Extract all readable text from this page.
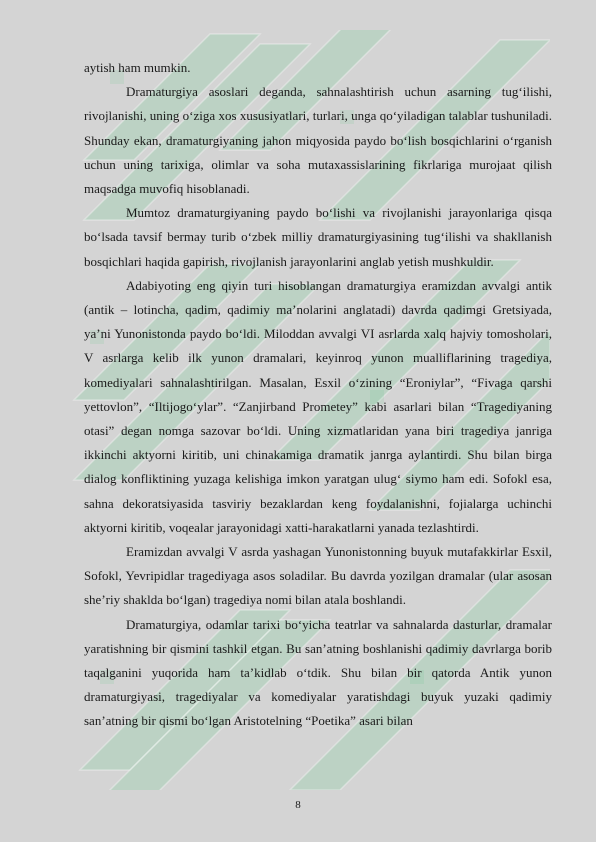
aytish ham mumkin.

Dramaturgiya asoslari deganda, sahnalashtirish uchun asarning tug‘ilishi, rivojlanishi, uning o‘ziga xos xususiyatlari, turlari, unga qo‘yiladigan talablar tushuniladi. Shunday ekan, dramaturgiyaning jahon miqyosida paydo bo‘lish bosqichlarini o‘rganish uchun uning tarixiga, olimlar va soha mutaxassislarining fikrlariga murojaat qilish maqsadga muvofiq hisoblanadi.

Mumtoz dramaturgiyaning paydo bo‘lishi va rivojlanishi jarayonlariga qisqa bo‘lsada tavsif bermay turib o‘zbek milliy dramaturgiyasining tug‘ilishi va shakllanish bosqichlari haqida gapirish, rivojlanish jarayonlarini anglab yetish mushkuldir.

Adabiyoting eng qiyin turi hisoblangan dramaturgiya eramizdan avvalgi antik (antik – lotincha, qadim, qadimiy ma’nolarini anglatadi) davrda qadimgi Gretsiyada, ya’ni Yunonistonda paydo bo‘ldi. Miloddan avvalgi VI asrlarda xalq hajviy tomosholari, V asrlarga kelib ilk yunon dramalari, keyinroq yunon mualliflarining tragediya, komediyalari sahnalashtirilgan. Masalan, Esxil o‘zining “Eroniylar”, “Fivaga qarshi yettovlon”, “Iltijogo‘ylar”. “Zanjirband Prometey” kabi asarlari bilan “Tragediyaning otasi” degan nomga sazovar bo‘ldi. Uning xizmatlaridan yana biri tragediya janriga ikkinchi aktyorni kiritib, uni chinakamiga dramatik janrga aylantirdi. Shu bilan birga dialog konfliktining yuzaga kelishiga imkon yaratgan ulug‘ siymo ham edi. Sofokl esa, sahna dekoratsiyasida tasviriy bezaklardan keng foydalanishni, fojialarga uchinchi aktyorni kiritib, voqealar jarayonidagi xatti-harakatlarni yanada tezlashtirdi.

Eramizdan avvalgi V asrda yashagan Yunonistonning buyuk mutafakkirlar Esxil, Sofokl, Yevripidlar tragediyaga asos soladilar. Bu davrda yozilgan dramalar (ular asosan she’riy shaklda bo‘lgan) tragediya nomi bilan atala boshlandi.

Dramaturgiya, odamlar tarixi bo‘yicha teatrlar va sahnalarda dasturlar, dramalar yaratishning bir qismini tashkil etgan. Bu san’atning boshlanishi qadimiy davrlarga borib taqalganini yuqorida ham ta’kidlab o‘tdik. Shu bilan bir qatorda Antik yunon dramaturgiyasi, tragediyalar va komediyalar yaratishdagi buyuk yuzaki qadimiy san’atning bir qismi bo‘lgan Aristotelning “Poetika” asari bilan

8
